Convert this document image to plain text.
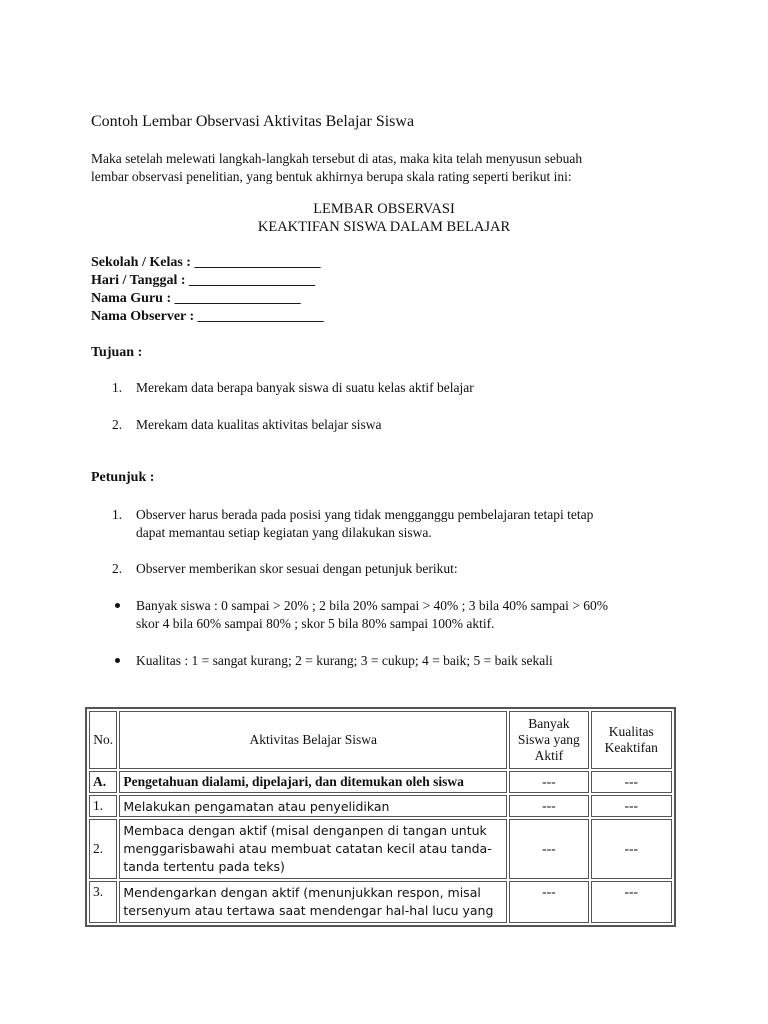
Contoh Lembar Observasi Aktivitas Belajar Siswa
Maka setelah melewati langkah-langkah tersebut di atas, maka kita telah menyusun sebuah
lembar observasi penelitian, yang bentuk akhirnya berupa skala rating seperti berikut ini:
LEMBAR OBSERVASI
KEAKTIFAN SISWA DALAM BELAJAR
Sekolah / Kelas : __________________
Hari / Tanggal : __________________
Nama Guru : __________________
Nama Observer : __________________
Tujuan :
1. Merekam data berapa banyak siswa di suatu kelas aktif belajar
2. Merekam data kualitas aktivitas belajar siswa
Petunjuk :
1. Observer harus berada pada posisi yang tidak mengganggu pembelajaran tetapi tetap
dapat memantau setiap kegiatan yang dilakukan siswa.
2. Observer memberikan skor sesuai dengan petunjuk berikut:
Banyak siswa : 0 sampai > 20% ; 2 bila 20% sampai > 40% ; 3 bila 40% sampai > 60%
skor 4 bila 60% sampai 80% ; skor 5 bila 80% sampai 100% aktif.
Kualitas : 1 = sangat kurang; 2 = kurang; 3 = cukup; 4 = baik; 5 = baik sekali
No.	Aktivitas Belajar Siswa	Banyak Siswa yang Aktif	Kualitas Keaktifan
A.	Pengetahuan dialami, dipelajari, dan ditemukan oleh siswa	---	---
1.	Melakukan pengamatan atau penyelidikan	---	---
2.	Membaca dengan aktif (misal denganpen di tangan untuk menggarisbawahi atau membuat catatan kecil atau tanda-tanda tertentu pada teks)	---	---
3.	Mendengarkan dengan aktif (menunjukkan respon, misal tersenyum atau tertawa saat mendengar hal-hal lucu yang	---	---
